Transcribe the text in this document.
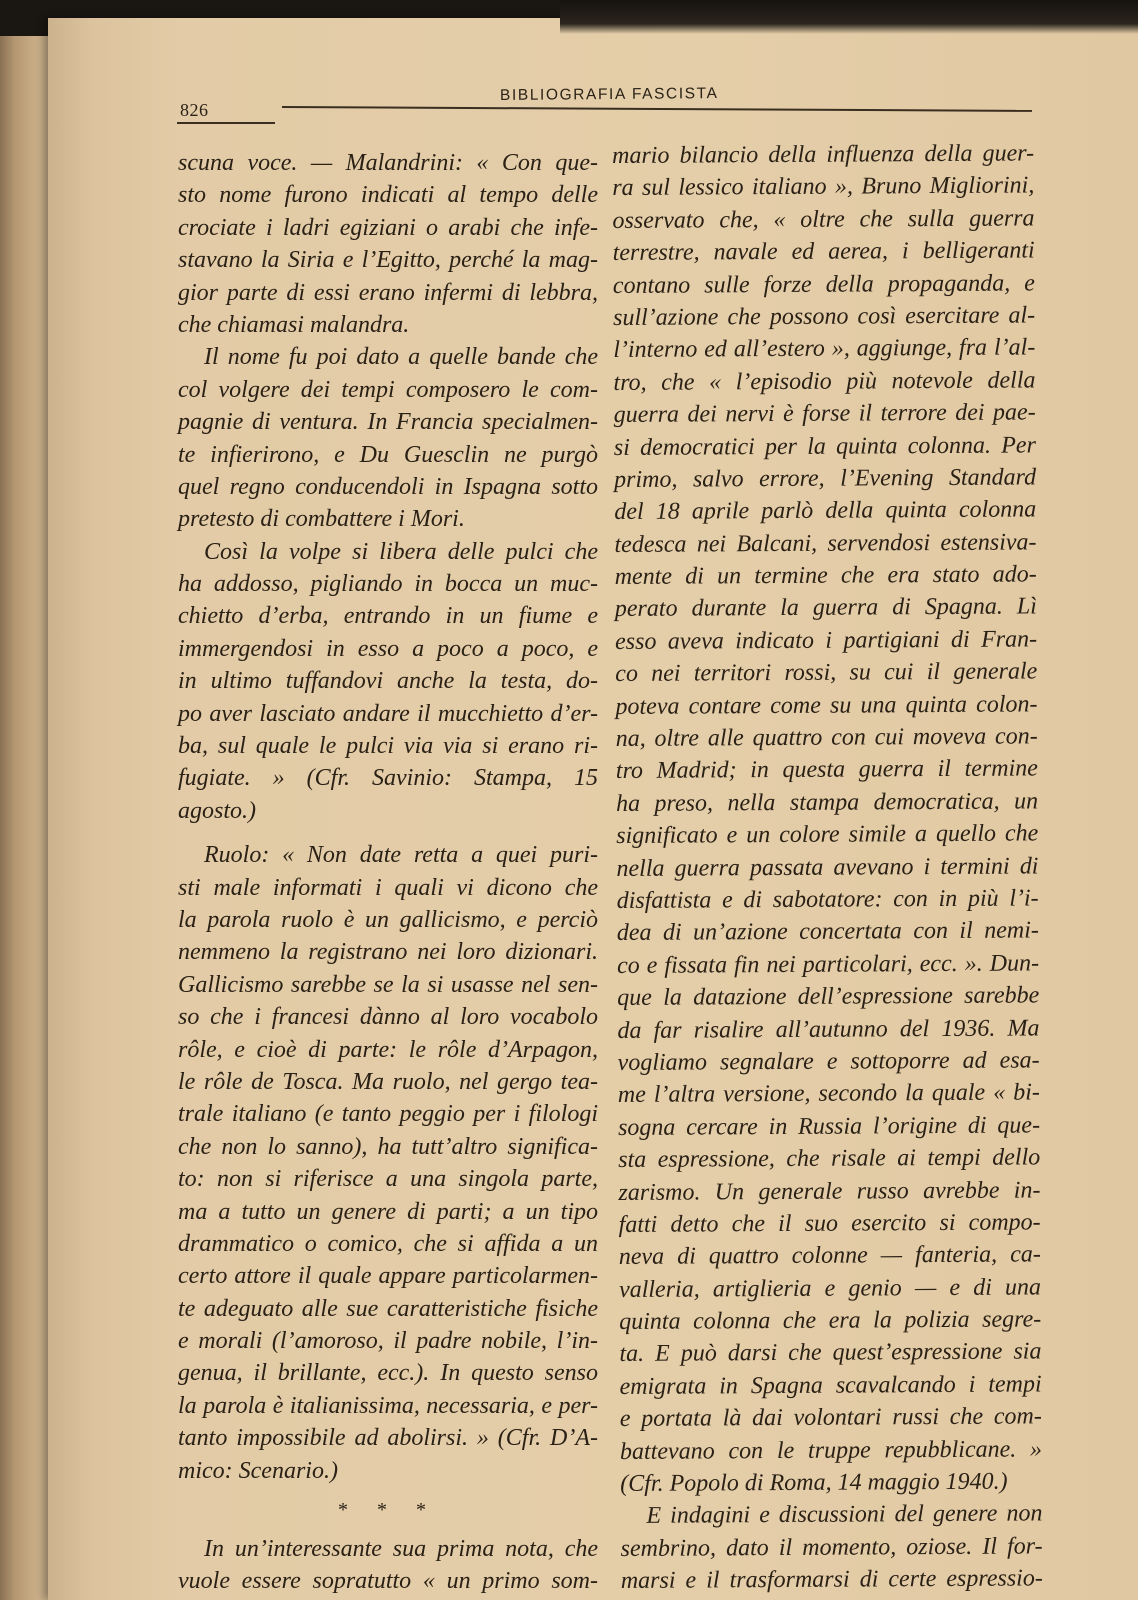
826
BIBLIOGRAFIA FASCISTA
scuna voce. — Malandrini: « Con que-
sto nome furono indicati al tempo delle
crociate i ladri egiziani o arabi che infe-
stavano la Siria e l’Egitto, perché la mag-
gior parte di essi erano infermi di lebbra,
che chiamasi malandra.
Il nome fu poi dato a quelle bande che
col volgere dei tempi composero le com-
pagnie di ventura. In Francia specialmen-
te infierirono, e Du Guesclin ne purgò
quel regno conducendoli in Ispagna sotto
pretesto di combattere i Mori.
Così la volpe si libera delle pulci che
ha addosso, pigliando in bocca un muc-
chietto d’erba, entrando in un fiume e
immergendosi in esso a poco a poco, e
in ultimo tuffandovi anche la testa, do-
po aver lasciato andare il mucchietto d’er-
ba, sul quale le pulci via via si erano ri-
fugiate. » (Cfr. Savinio: Stampa, 15
agosto.)
Ruolo: « Non date retta a quei puri-
sti male informati i quali vi dicono che
la parola ruolo è un gallicismo, e perciò
nemmeno la registrano nei loro dizionari.
Gallicismo sarebbe se la si usasse nel sen-
so che i francesi dànno al loro vocabolo
rôle, e cioè di parte: le rôle d’Arpagon,
le rôle de Tosca. Ma ruolo, nel gergo tea-
trale italiano (e tanto peggio per i filologi
che non lo sanno), ha tutt’altro significa-
to: non si riferisce a una singola parte,
ma a tutto un genere di parti; a un tipo
drammatico o comico, che si affida a un
certo attore il quale appare particolarmen-
te adeguato alle sue caratteristiche fisiche
e morali (l’amoroso, il padre nobile, l’in-
genua, il brillante, ecc.). In questo senso
la parola è italianissima, necessaria, e per-
tanto impossibile ad abolirsi. » (Cfr. D’A-
mico: Scenario.)
* * *
In un’interessante sua prima nota, che
vuole essere sopratutto « un primo som-
mario bilancio della influenza della guer-
ra sul lessico italiano », Bruno Migliorini,
osservato che, « oltre che sulla guerra
terrestre, navale ed aerea, i belligeranti
contano sulle forze della propaganda, e
sull’azione che possono così esercitare al-
l’interno ed all’estero », aggiunge, fra l’al-
tro, che « l’episodio più notevole della
guerra dei nervi è forse il terrore dei pae-
si democratici per la quinta colonna. Per
primo, salvo errore, l’Evening Standard
del 18 aprile parlò della quinta colonna
tedesca nei Balcani, servendosi estensiva-
mente di un termine che era stato ado-
perato durante la guerra di Spagna. Lì
esso aveva indicato i partigiani di Fran-
co nei territori rossi, su cui il generale
poteva contare come su una quinta colon-
na, oltre alle quattro con cui moveva con-
tro Madrid; in questa guerra il termine
ha preso, nella stampa democratica, un
significato e un colore simile a quello che
nella guerra passata avevano i termini di
disfattista e di sabotatore: con in più l’i-
dea di un’azione concertata con il nemi-
co e fissata fin nei particolari, ecc. ». Dun-
que la datazione dell’espressione sarebbe
da far risalire all’autunno del 1936. Ma
vogliamo segnalare e sottoporre ad esa-
me l’altra versione, secondo la quale « bi-
sogna cercare in Russia l’origine di que-
sta espressione, che risale ai tempi dello
zarismo. Un generale russo avrebbe in-
fatti detto che il suo esercito si compo-
neva di quattro colonne — fanteria, ca-
valleria, artiglieria e genio — e di una
quinta colonna che era la polizia segre-
ta. E può darsi che quest’espressione sia
emigrata in Spagna scavalcando i tempi
e portata là dai volontari russi che com-
battevano con le truppe repubblicane. »
(Cfr. Popolo di Roma, 14 maggio 1940.)
E indagini e discussioni del genere non
sembrino, dato il momento, oziose. Il for-
marsi e il trasformarsi di certe espressio-
